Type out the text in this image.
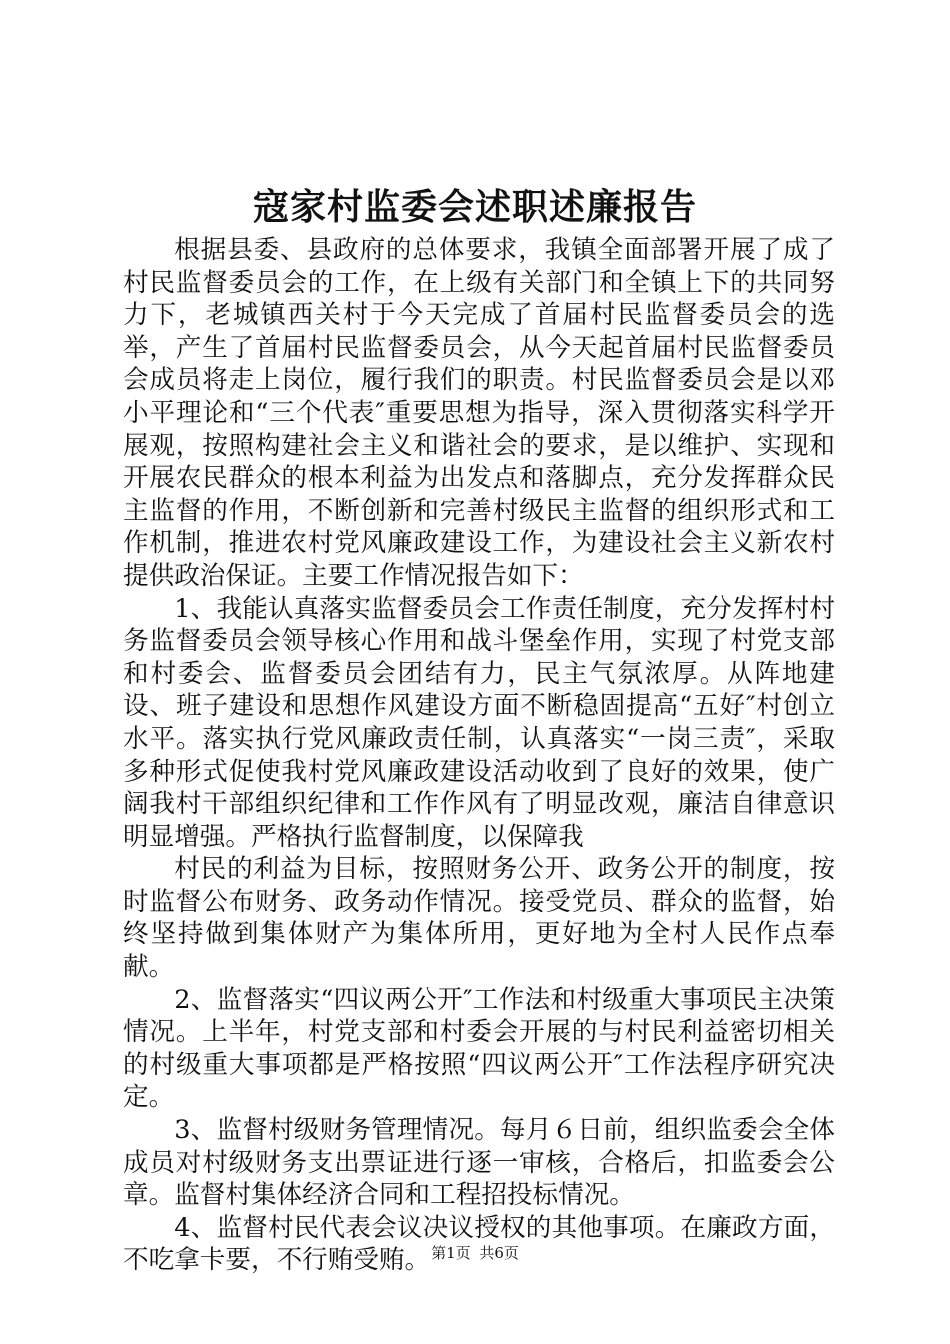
寇家村监委会述职述廉报告

根据县委、县政府的总体要求，我镇全面部署开展了成了村民监督委员会的工作，在上级有关部门和全镇上下的共同努力下，老城镇西关村于今天完成了首届村民监督委员会的选举，产生了首届村民监督委员会，从今天起首届村民监督委员会成员将走上岗位，履行我们的职责。村民监督委员会是以邓小平理论和“三个代表″重要思想为指导，深入贯彻落实科学开展观，按照构建社会主义和谐社会的要求，是以维护、实现和开展农民群众的根本利益为出发点和落脚点，充分发挥群众民主监督的作用，不断创新和完善村级民主监督的组织形式和工作机制，推进农村党风廉政建设工作，为建设社会主义新农村提供政治保证。主要工作情况报告如下：

1、我能认真落实监督委员会工作责任制度，充分发挥村村务监督委员会领导核心作用和战斗堡垒作用，实现了村党支部和村委会、监督委员会团结有力，民主气氛浓厚。从阵地建设、班子建设和思想作风建设方面不断稳固提高“五好″村创立水平。落实执行党风廉政责任制，认真落实“一岗三责″，采取多种形式促使我村党风廉政建设活动收到了良好的效果，使广阔我村干部组织纪律和工作作风有了明显改观，廉洁自律意识明显增强。严格执行监督制度，以保障我

村民的利益为目标，按照财务公开、政务公开的制度，按时监督公布财务、政务动作情况。接受党员、群众的监督，始终坚持做到集体财产为集体所用，更好地为全村人民作点奉献。

2、监督落实“四议两公开″工作法和村级重大事项民主决策情况。上半年，村党支部和村委会开展的与村民利益密切相关的村级重大事项都是严格按照“四议两公开″工作法程序研究决定。

3、监督村级财务管理情况。每月６日前，组织监委会全体成员对村级财务支出票证进行逐一审核，合格后，扣监委会公章。监督村集体经济合同和工程招投标情况。

4、监督村民代表会议决议授权的其他事项。在廉政方面，不吃拿卡要，不行贿受贿。 第1页 共6页
